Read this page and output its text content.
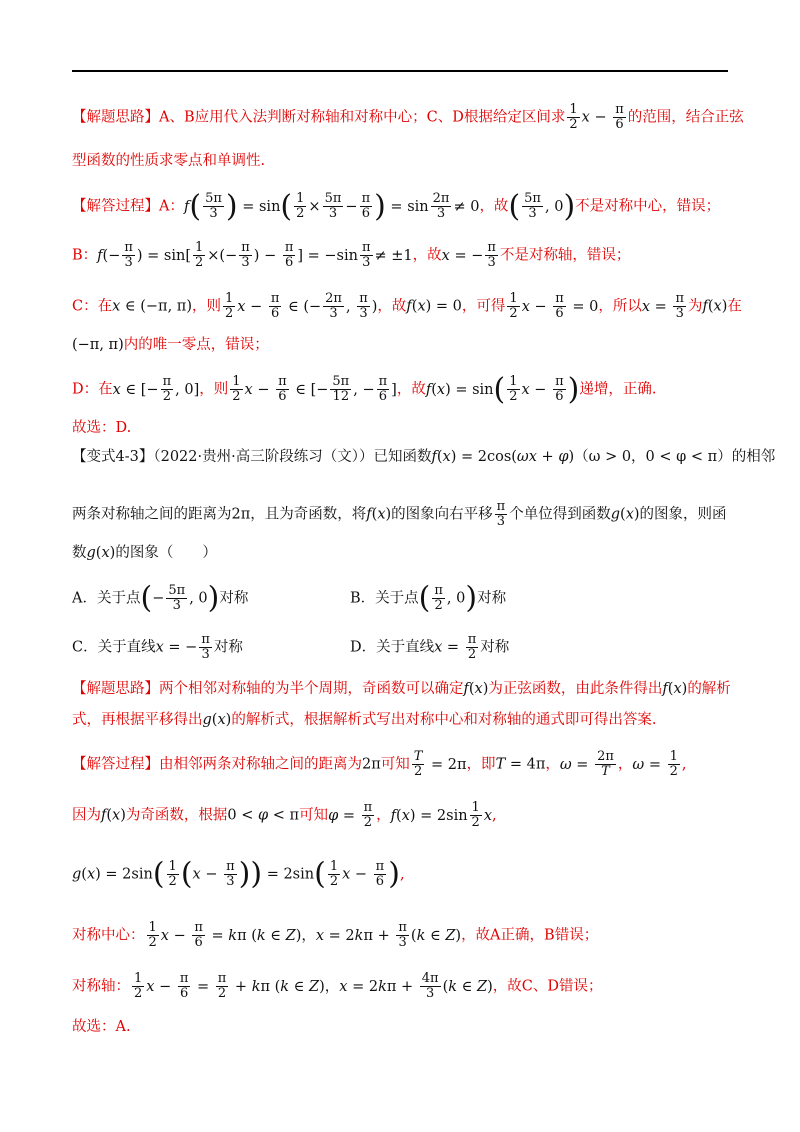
【解题思路】A、B应用代入法判断对称轴和对称中心；C、D根据给定区间求 $\frac{1}{2}$ $x - \frac{\pi}{6}$ 的范围，结合正弦
型函数的性质求零点和单调性.
【解答过程】A：$f( \frac{5\pi}{3}$ ) = $\sin( \frac{1}{2} \times \frac{5\pi}{3} - \frac{\pi}{6}$ ) = $\sin \frac{2\pi}{3} \ne 0$，故( $\frac{5\pi}{3}$ , 0)不是对称中心，错误；
B：$f(- \frac{\pi}{3}$ ) = $\sin[ \frac{1}{2}$ ×(− $\frac{\pi}{3}$ ) − $\frac{\pi}{6}$ ] = $-\sin \frac{\pi}{3} \ne \pm 1$，故x = − $\frac{\pi}{3}$ 不是对称轴，错误；
C：在x ∈ (−π, π)，则 $\frac{1}{2}$ $x - \frac{\pi}{6}$ ∈ (− $\frac{2\pi}{3}$ , $\frac{\pi}{3}$ )，故f(x) = 0，可得 $\frac{1}{2}$ $x - \frac{\pi}{6} = 0$，所以$x = \frac{\pi}{3}$ 为f(x)在
(−π, π)内的唯一零点，错误；
D：在x ∈ [− $\frac{\pi}{2}$ , 0]，则 $\frac{1}{2}$ $x - \frac{\pi}{6}$ ∈ [− $\frac{5\pi}{12}$ , − $\frac{\pi}{6}$ ]，故$f(x) = \sin( \frac{1}{2}$ $x - \frac{\pi}{6}$ )递增，正确.
故选：D.
【变式4-3】（2022·贵州·高三阶段练习（文））已知函数f(x) = 2cos(ωx + φ)（ω > 0，0 < φ < π）的相邻
两条对称轴之间的距离为2π，且为奇函数，将f(x)的图象向右平移 $\frac{\pi}{3}$ 个单位得到函数g(x)的图象，则函
数g(x)的图象（　　）
A．关于点(− $\frac{5\pi}{3}$ , 0)对称	B．关于点( $\frac{\pi}{2}$ , 0)对称
C．关于直线x = − $\frac{\pi}{3}$ 对称	D．关于直线$x = \frac{\pi}{2}$ 对称
【解题思路】两个相邻对称轴的为半个周期，奇函数可以确定f(x)为正弦函数，由此条件得出f(x)的解析
式，再根据平移得出g(x)的解析式，根据解析式写出对称中心和对称轴的通式即可得出答案.
【解答过程】由相邻两条对称轴之间的距离为2π可知 $\frac{T}{2} = 2\pi$，即T = 4π，$\omega = \frac{2\pi}{T}$ ，$\omega = \frac{1}{2}$ ,
因为f(x)为奇函数，根据0 < φ < π可知$\varphi = \frac{\pi}{2}$ ，$f(x) = 2\sin \frac{1}{2} x$,
$g(x) = 2\sin( \frac{1}{2} (x - \frac{\pi}{3}$ )) = $2\sin( \frac{1}{2}$ $x - \frac{\pi}{6}$ ),
对称中心： $\frac{1}{2}$ $x - \frac{\pi}{6} = k\pi$ (k ∈ Z)，$x = 2k\pi + \frac{\pi}{3} (k$ ∈ Z)，故A正确，B错误；
对称轴： $\frac{1}{2}$ $x - \frac{\pi}{6} = \frac{\pi}{2} + k\pi$ (k ∈ Z)，$x = 2k\pi + \frac{4\pi}{3} (k$ ∈ Z)，故C、D错误；
故选：A.
